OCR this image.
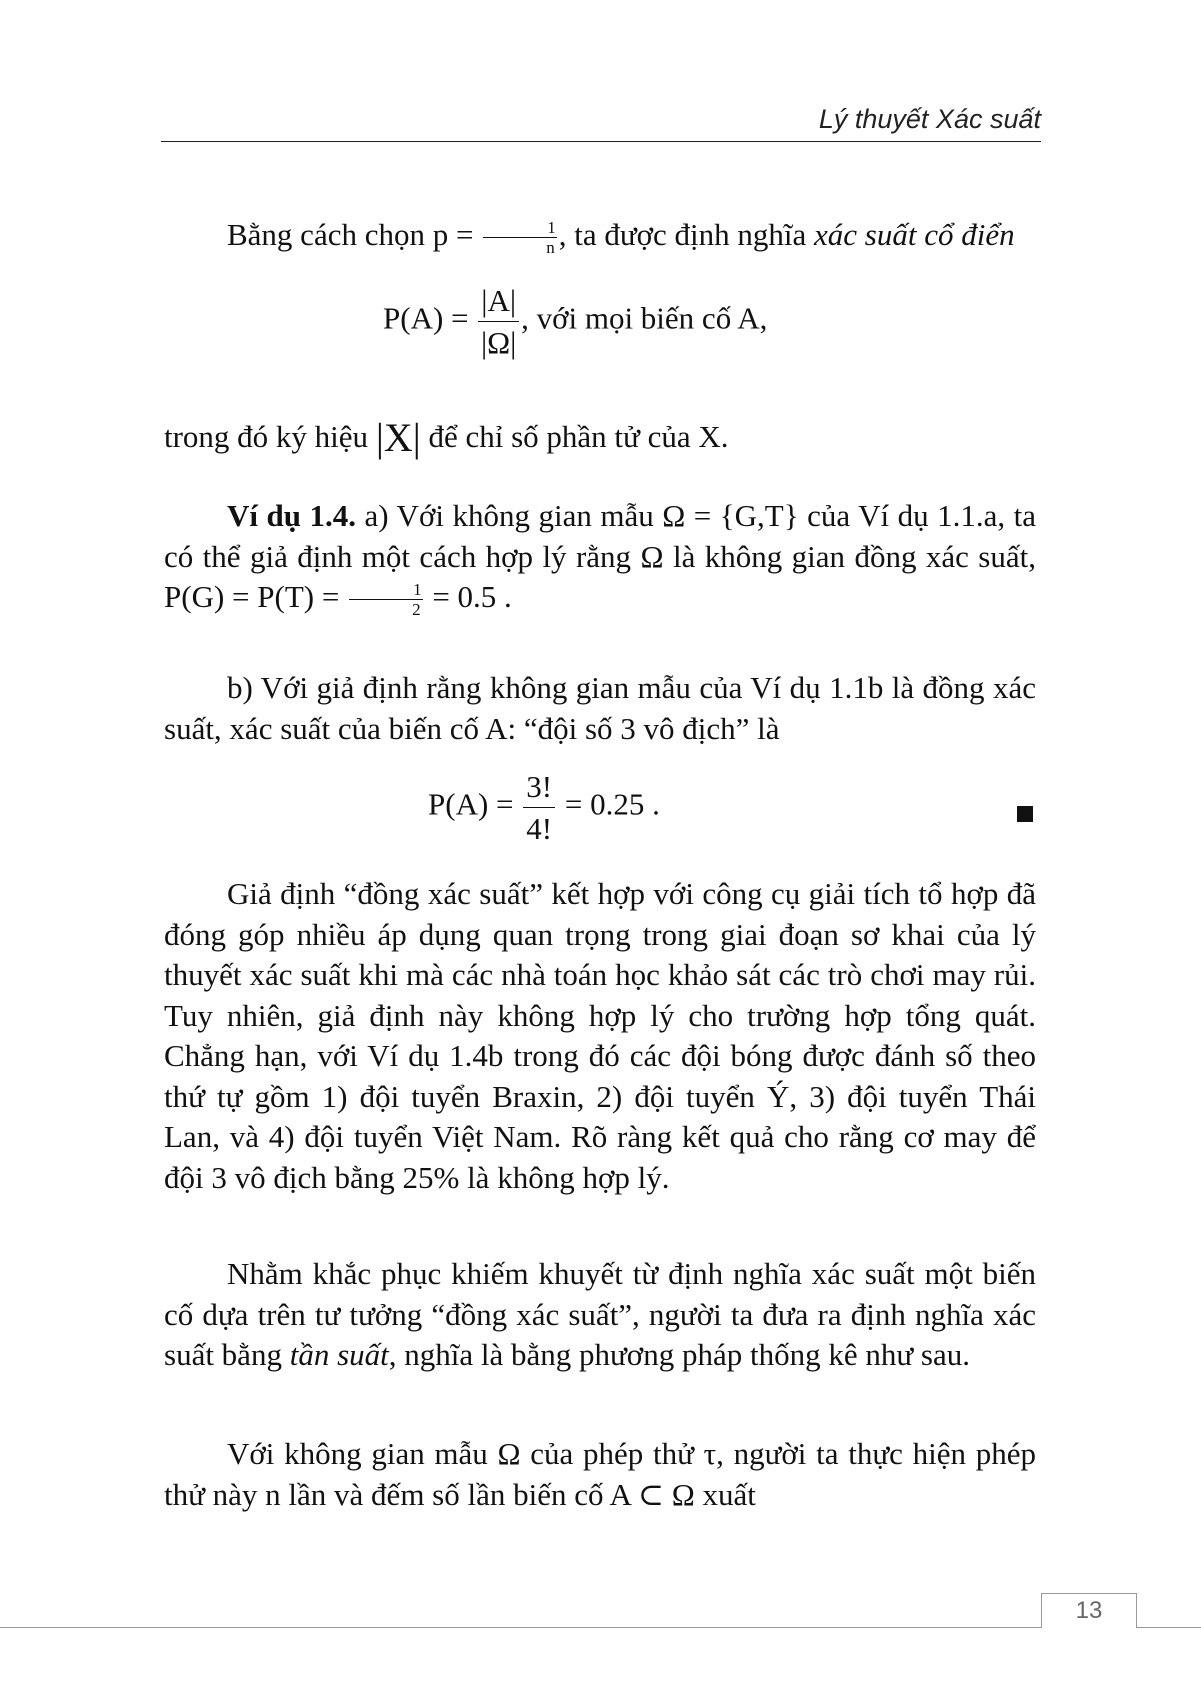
Lý thuyết Xác suất
Bằng cách chọn $p = \frac{1}{n}$ , ta được định nghĩa xác suất cổ điển
$P(A) = \frac{|A|}{|\Omega|}$ , với mọi biến cố A,
trong đó ký hiệu |X| để chỉ số phần tử của X.
Ví dụ 1.4. a) Với không gian mẫu Ω = {G,T} của Ví dụ 1.1.a, ta có thể giả định một cách hợp lý rằng Ω là không gian đồng xác suất, $P(G) = P(T) = \frac{1}{2} = 0.5$ .
b) Với giả định rằng không gian mẫu của Ví dụ 1.1b là đồng xác suất, xác suất của biến cố A: “đội số 3 vô địch” là
$P(A) = \frac{3!}{4!} = 0.25$ .
Giả định “đồng xác suất” kết hợp với công cụ giải tích tổ hợp đã đóng góp nhiều áp dụng quan trọng trong giai đoạn sơ khai của lý thuyết xác suất khi mà các nhà toán học khảo sát các trò chơi may rủi. Tuy nhiên, giả định này không hợp lý cho trường hợp tổng quát. Chẳng hạn, với Ví dụ 1.4b trong đó các đội bóng được đánh số theo thứ tự gồm 1) đội tuyển Braxin, 2) đội tuyển Ý, 3) đội tuyển Thái Lan, và 4) đội tuyển Việt Nam. Rõ ràng kết quả cho rằng cơ may để đội 3 vô địch bằng 25% là không hợp lý.
Nhằm khắc phục khiếm khuyết từ định nghĩa xác suất một biến cố dựa trên tư tưởng “đồng xác suất”, người ta đưa ra định nghĩa xác suất bằng tần suất, nghĩa là bằng phương pháp thống kê như sau.
Với không gian mẫu Ω của phép thử τ, người ta thực hiện phép thử này n lần và đếm số lần biến cố A ⊂ Ω xuất
13
